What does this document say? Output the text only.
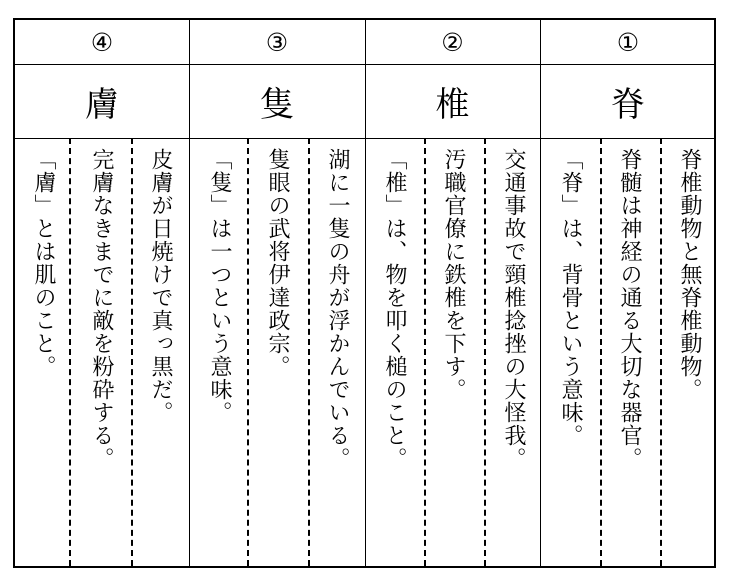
④
膚
「膚」とは肌のこと。 完膚なきまでに敵を粉砕する。 皮膚が日焼けで真っ黒だ。
③
隻
「隻」は一つという意味。 隻眼の武将伊達政宗。 湖に一隻の舟が浮かんでいる。
②
椎
「椎」は、物を叩く槌のこと。 汚職官僚に鉄椎を下す。 交通事故で頸椎捻挫の大怪我。
①
脊
「脊」は、背骨という意味。 脊髄は神経の通る大切な器官。 脊椎動物と無脊椎動物。
